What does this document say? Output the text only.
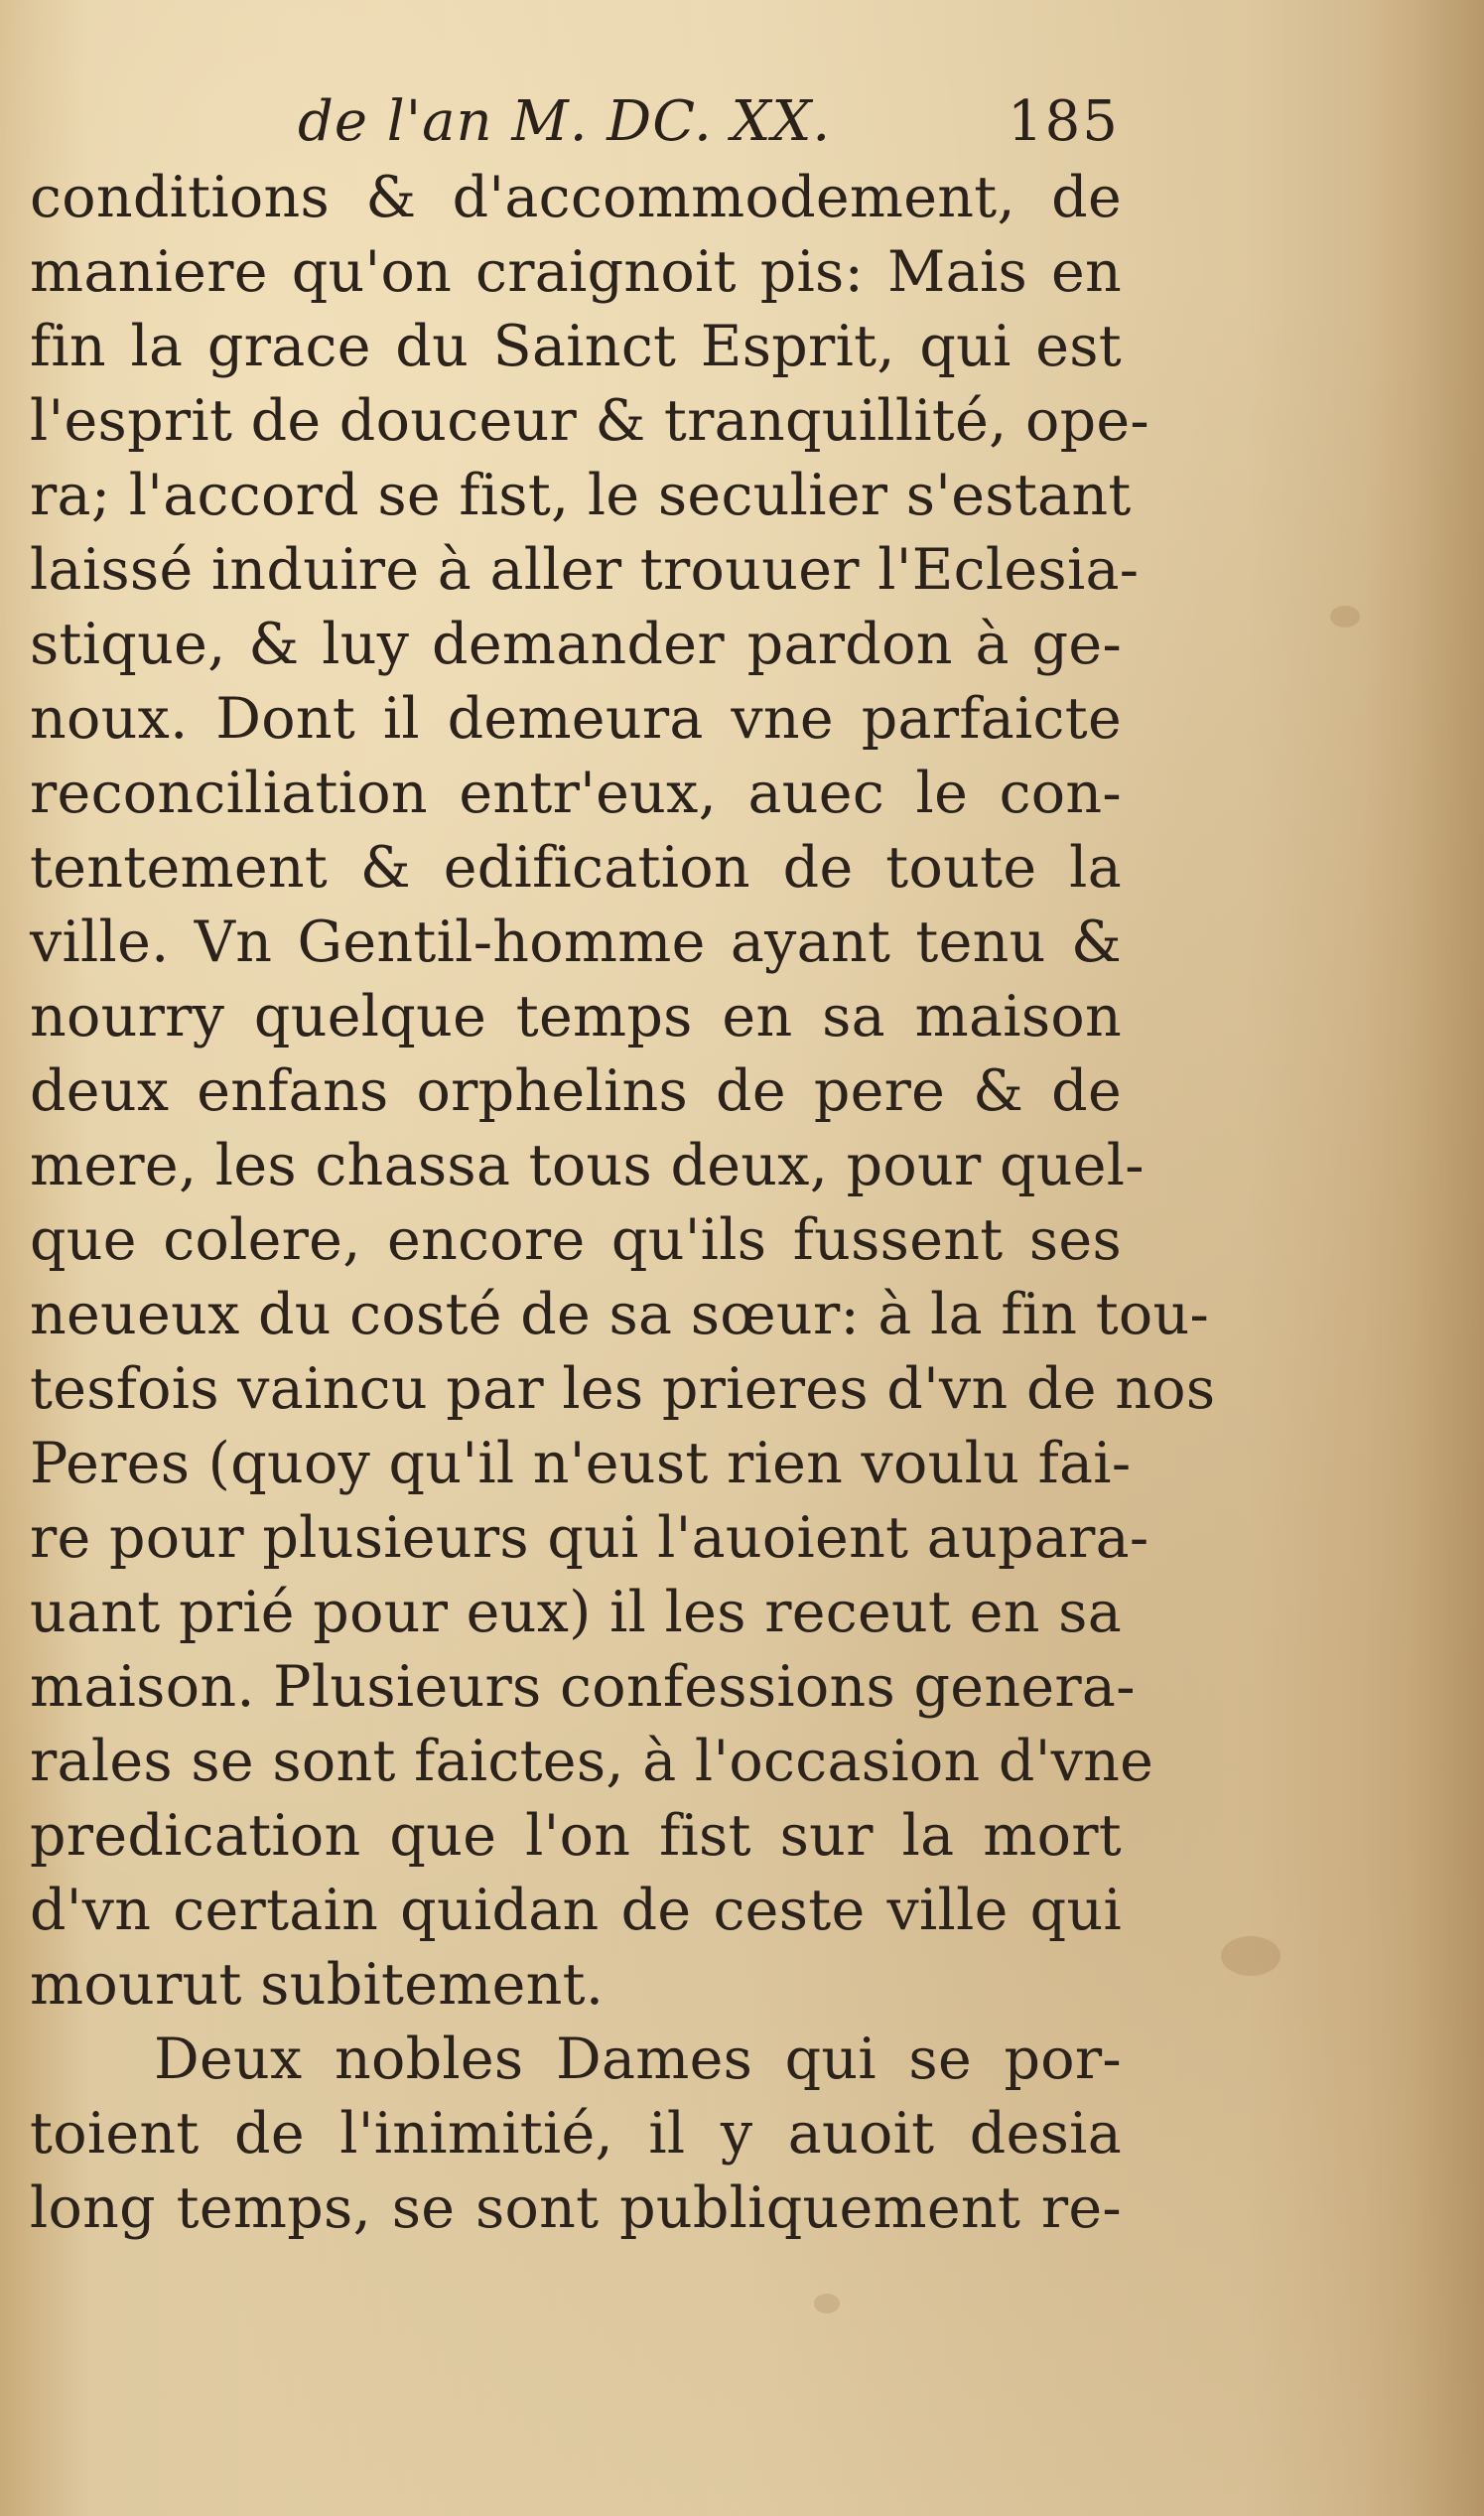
de l'an M. DC. XX.	185
conditions & d'accommodement, de
maniere qu'on craignoit pis: Mais en
fin la grace du Sainct Esprit, qui est
l'esprit de douceur & tranquillité, ope-
ra; l'accord se fist, le seculier s'estant
laissé induire à aller trouuer l'Eclesia-
stique, & luy demander pardon à ge-
noux. Dont il demeura vne parfaicte
reconciliation entr'eux, auec le con-
tentement & edification de toute la
ville. Vn Gentil-homme ayant tenu &
nourry quelque temps en sa maison
deux enfans orphelins de pere & de
mere, les chassa tous deux, pour quel-
que colere, encore qu'ils fussent ses
neueux du costé de sa sœur: à la fin tou-
tesfois vaincu par les prieres d'vn de nos
Peres (quoy qu'il n'eust rien voulu fai-
re pour plusieurs qui l'auoient aupara-
uant prié pour eux) il les receut en sa
maison. Plusieurs confessions genera-
rales se sont faictes, à l'occasion d'vne
predication que l'on fist sur la mort
d'vn certain quidan de ceste ville qui
mourut subitement.
Deux nobles Dames qui se por-
toient de l'inimitié, il y auoit desia
long temps, se sont publiquement re-
